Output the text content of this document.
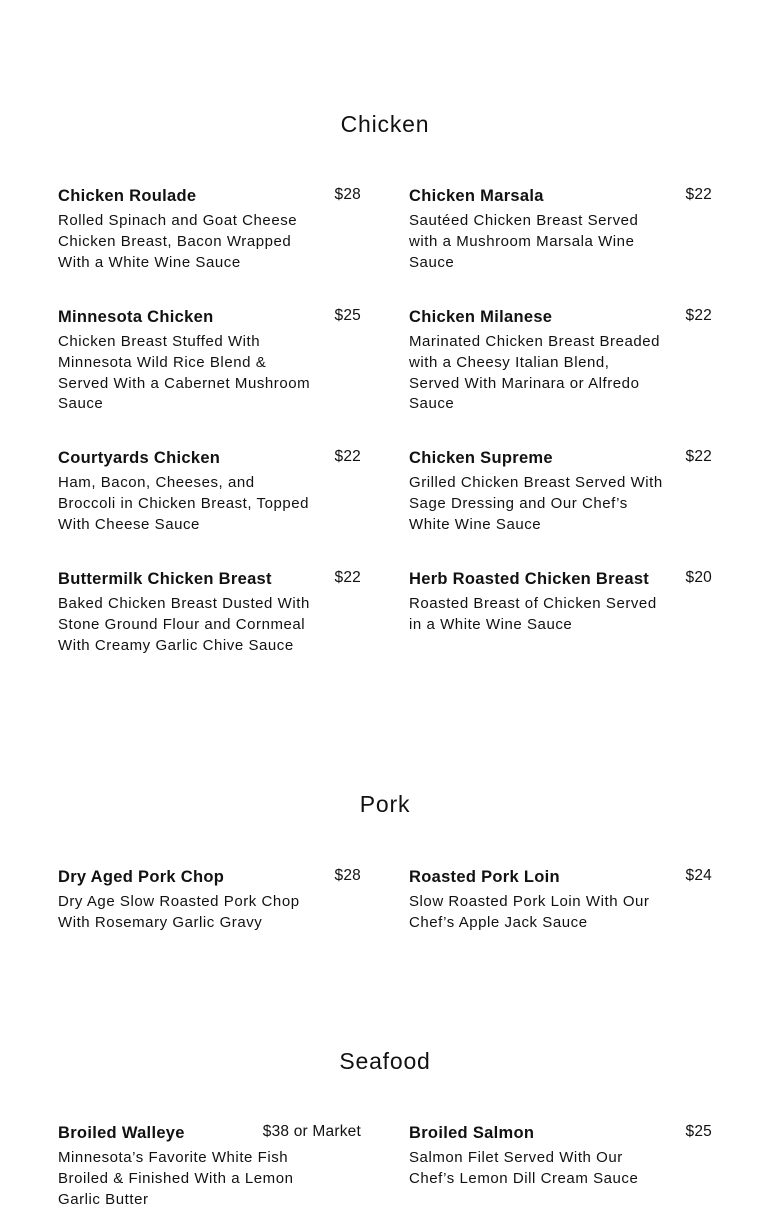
Chicken
Chicken Roulade	$28
Rolled Spinach and Goat Cheese Chicken Breast, Bacon Wrapped With a White Wine Sauce
Chicken Marsala	$22
Sautéed Chicken Breast Served with a Mushroom Marsala Wine Sauce
Minnesota Chicken	$25
Chicken Breast Stuffed With Minnesota Wild Rice Blend & Served With a Cabernet Mushroom Sauce
Chicken Milanese	$22
Marinated Chicken Breast Breaded with a Cheesy Italian Blend, Served With Marinara or Alfredo Sauce
Courtyards Chicken	$22
Ham, Bacon, Cheeses, and Broccoli in Chicken Breast, Topped With Cheese Sauce
Chicken Supreme	$22
Grilled Chicken Breast Served With Sage Dressing and Our Chef’s White Wine Sauce
Buttermilk Chicken Breast	$22
Baked Chicken Breast Dusted With Stone Ground Flour and Cornmeal With Creamy Garlic Chive Sauce
Herb Roasted Chicken Breast $20
Roasted Breast of Chicken Served in a White Wine Sauce
Pork
Dry Aged Pork Chop	$28
Dry Age Slow Roasted Pork Chop With Rosemary Garlic Gravy
Roasted Pork Loin	$24
Slow Roasted Pork Loin With Our Chef’s Apple Jack Sauce
Seafood
Broiled Walleye	$38 or Market
Minnesota’s Favorite White Fish Broiled & Finished With a Lemon Garlic Butter
Broiled Salmon	$25
Salmon Filet Served With Our Chef’s Lemon Dill Cream Sauce
